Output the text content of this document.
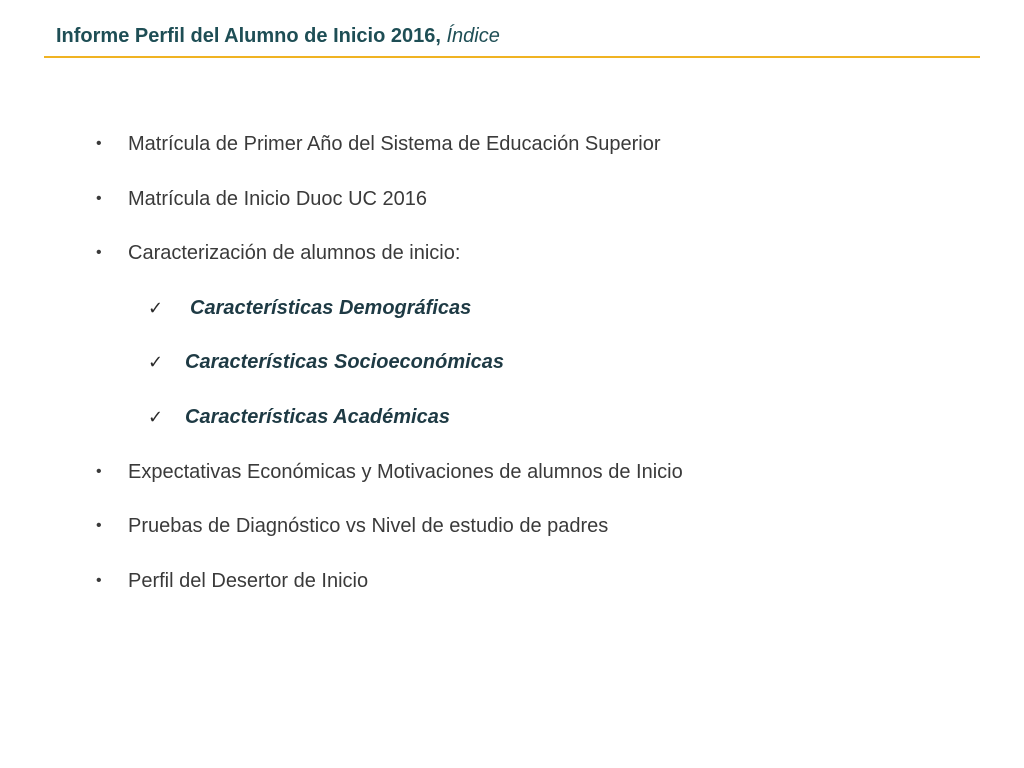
Informe Perfil del Alumno de Inicio 2016, Índice
•	Matrícula de Primer Año del Sistema de Educación Superior
•	Matrícula de Inicio Duoc UC 2016
•	Caracterización de alumnos de inicio:
✓ Características Demográficas
✓ Características Socioeconómicas
✓ Características Académicas
•	Expectativas Económicas y Motivaciones de alumnos de Inicio
•	Pruebas de Diagnóstico vs Nivel de estudio de padres
•	Perfil del Desertor de Inicio
